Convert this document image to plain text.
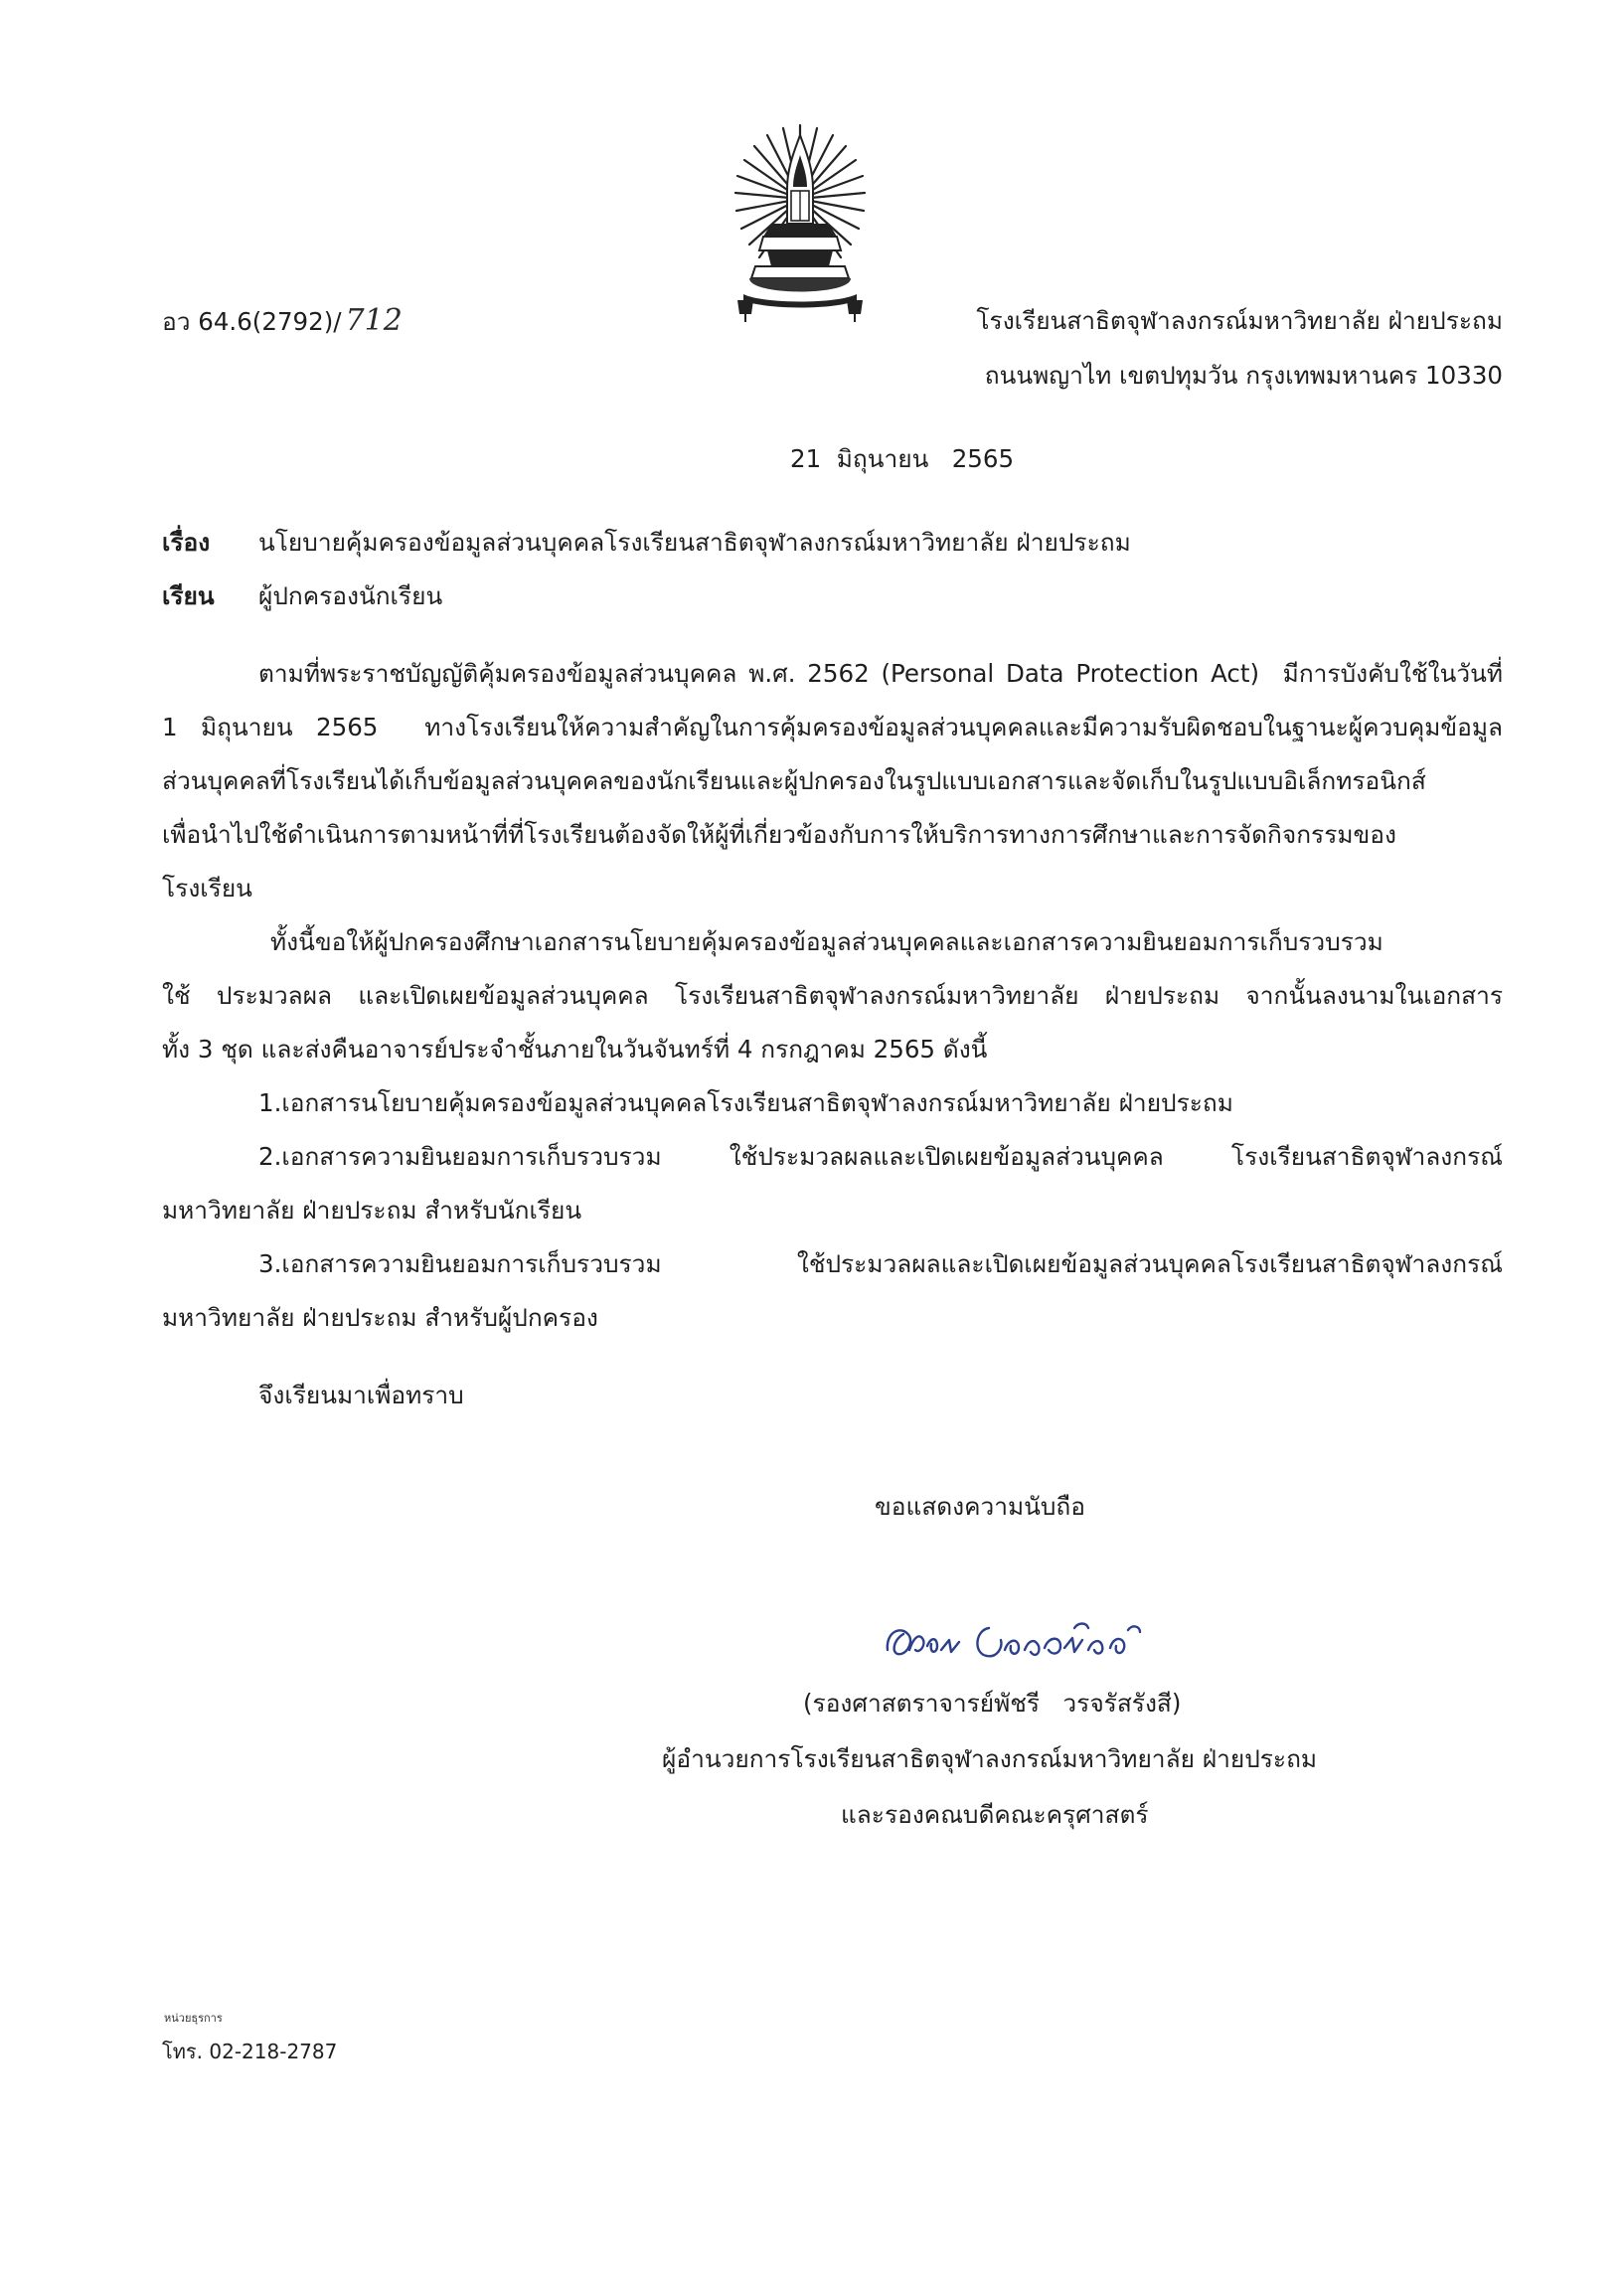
อว 64.6(2792)/ 712	โรงเรียนสาธิตจุฬาลงกรณ์มหาวิทยาลัย ฝ่ายประถม
ถนนพญาไท เขตปทุมวัน กรุงเทพมหานคร 10330
21  มิถุนายน   2565
เรื่อง นโยบายคุ้มครองข้อมูลส่วนบุคคลโรงเรียนสาธิตจุฬาลงกรณ์มหาวิทยาลัย ฝ่ายประถม
เรียน ผู้ปกครองนักเรียน
ตามที่พระราชบัญญัติคุ้มครองข้อมูลส่วนบุคคล พ.ศ. 2562 (Personal Data Protection Act)  มีการบังคับใช้ในวันที่
1 มิถุนายน 2565  ทางโรงเรียนให้ความสำคัญในการคุ้มครองข้อมูลส่วนบุคคลและมีความรับผิดชอบในฐานะผู้ควบคุมข้อมูล
ส่วนบุคคลที่โรงเรียนได้เก็บข้อมูลส่วนบุคคลของนักเรียนและผู้ปกครองในรูปแบบเอกสารและจัดเก็บในรูปแบบอิเล็กทรอนิกส์
เพื่อนำไปใช้ดำเนินการตามหน้าที่ที่โรงเรียนต้องจัดให้ผู้ที่เกี่ยวข้องกับการให้บริการทางการศึกษาและการจัดกิจกรรมของ
โรงเรียน
ทั้งนี้ขอให้ผู้ปกครองศึกษาเอกสารนโยบายคุ้มครองข้อมูลส่วนบุคคลและเอกสารความยินยอมการเก็บรวบรวม
ใช้ ประมวลผล และเปิดเผยข้อมูลส่วนบุคคล โรงเรียนสาธิตจุฬาลงกรณ์มหาวิทยาลัย ฝ่ายประถม จากนั้นลงนามในเอกสาร
ทั้ง 3 ชุด และส่งคืนอาจารย์ประจำชั้นภายในวันจันทร์ที่ 4 กรกฎาคม 2565 ดังนี้
1.เอกสารนโยบายคุ้มครองข้อมูลส่วนบุคคลโรงเรียนสาธิตจุฬาลงกรณ์มหาวิทยาลัย ฝ่ายประถม
2.เอกสารความยินยอมการเก็บรวบรวม ใช้ประมวลผลและเปิดเผยข้อมูลส่วนบุคคล โรงเรียนสาธิตจุฬาลงกรณ์
มหาวิทยาลัย ฝ่ายประถม สำหรับนักเรียน
3.เอกสารความยินยอมการเก็บรวบรวม ใช้ประมวลผลและเปิดเผยข้อมูลส่วนบุคคลโรงเรียนสาธิตจุฬาลงกรณ์
มหาวิทยาลัย ฝ่ายประถม สำหรับผู้ปกครอง
จึงเรียนมาเพื่อทราบ
ขอแสดงความนับถือ
(รองศาสตราจารย์พัชรี   วรจรัสรังสี)
ผู้อำนวยการโรงเรียนสาธิตจุฬาลงกรณ์มหาวิทยาลัย ฝ่ายประถม
และรองคณบดีคณะครุศาสตร์
หน่วยธุรการ
โทร. 02-218-2787
